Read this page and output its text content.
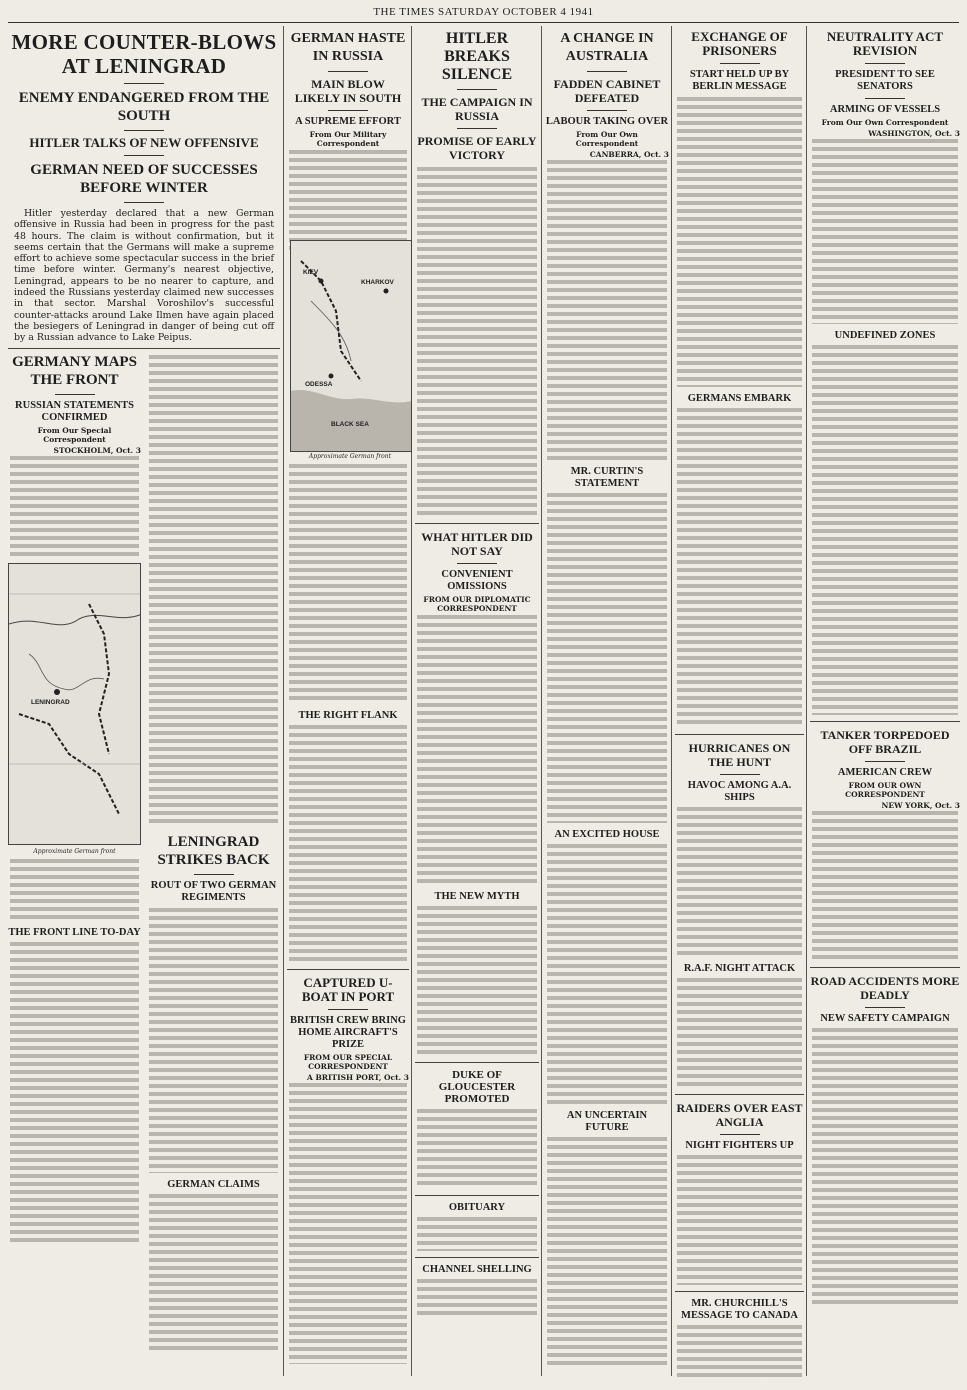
THE TIMES SATURDAY OCTOBER 4 1941
MORE COUNTER-BLOWS AT LENINGRAD
ENEMY ENDANGERED FROM THE SOUTH
HITLER TALKS OF NEW OFFENSIVE
GERMAN NEED OF SUCCESSES BEFORE WINTER

Hitler yesterday declared that a new German offensive in Russia had been in progress for the past 48 hours. The claim is without confirmation, but it seems certain that the Germans will make a supreme effort to achieve some spectacular success in the brief time before winter. Germany's nearest objective, Leningrad, appears to be no nearer to capture, and indeed the Russians yesterday claimed new successes in that sector. Marshal Voroshilov's successful counter-attacks around Lake Ilmen have again placed the besiegers of Leningrad in danger of being cut off by a Russian advance to Lake Peipus.

GERMANY MAPS THE FRONT
RUSSIAN STATEMENTS CONFIRMED
From Our Special Correspondent
STOCKHOLM, Oct. 3
LENINGRAD
Approximate German front
THE FRONT LINE TO-DAY
LENINGRAD STRIKES BACK
ROUT OF TWO GERMAN REGIMENTS
GERMAN CLAIMS
GERMAN HASTE IN RUSSIA
MAIN BLOW LIKELY IN SOUTH
A SUPREME EFFORT
From Our Military Correspondent
KIEV
KHARKOV
ODESSA
BLACK SEA
Approximate German front
THE RIGHT FLANK
CAPTURED U-BOAT IN PORT
BRITISH CREW BRING HOME AIRCRAFT'S PRIZE
FROM OUR SPECIAL CORRESPONDENT
A BRITISH PORT, Oct. 3
HITLER BREAKS SILENCE
THE CAMPAIGN IN RUSSIA
PROMISE OF EARLY VICTORY
WHAT HITLER DID NOT SAY
CONVENIENT OMISSIONS
FROM OUR DIPLOMATIC CORRESPONDENT
THE NEW MYTH
DUKE OF GLOUCESTER PROMOTED
OBITUARY
CHANNEL SHELLING
A CHANGE IN AUSTRALIA
FADDEN CABINET DEFEATED
LABOUR TAKING OVER
From Our Own Correspondent
CANBERRA, Oct. 3
MR. CURTIN'S STATEMENT
AN EXCITED HOUSE
AN UNCERTAIN FUTURE
EXCHANGE OF PRISONERS
START HELD UP BY BERLIN MESSAGE
GERMANS EMBARK
HURRICANES ON THE HUNT
HAVOC AMONG A.A. SHIPS
R.A.F. NIGHT ATTACK
RAIDERS OVER EAST ANGLIA
NIGHT FIGHTERS UP
MR. CHURCHILL'S MESSAGE TO CANADA
NEUTRALITY ACT REVISION
PRESIDENT TO SEE SENATORS
ARMING OF VESSELS
From Our Own Correspondent
WASHINGTON, Oct. 3
UNDEFINED ZONES
TANKER TORPEDOED OFF BRAZIL
AMERICAN CREW
FROM OUR OWN CORRESPONDENT
NEW YORK, Oct. 3
ROAD ACCIDENTS MORE DEADLY
NEW SAFETY CAMPAIGN
